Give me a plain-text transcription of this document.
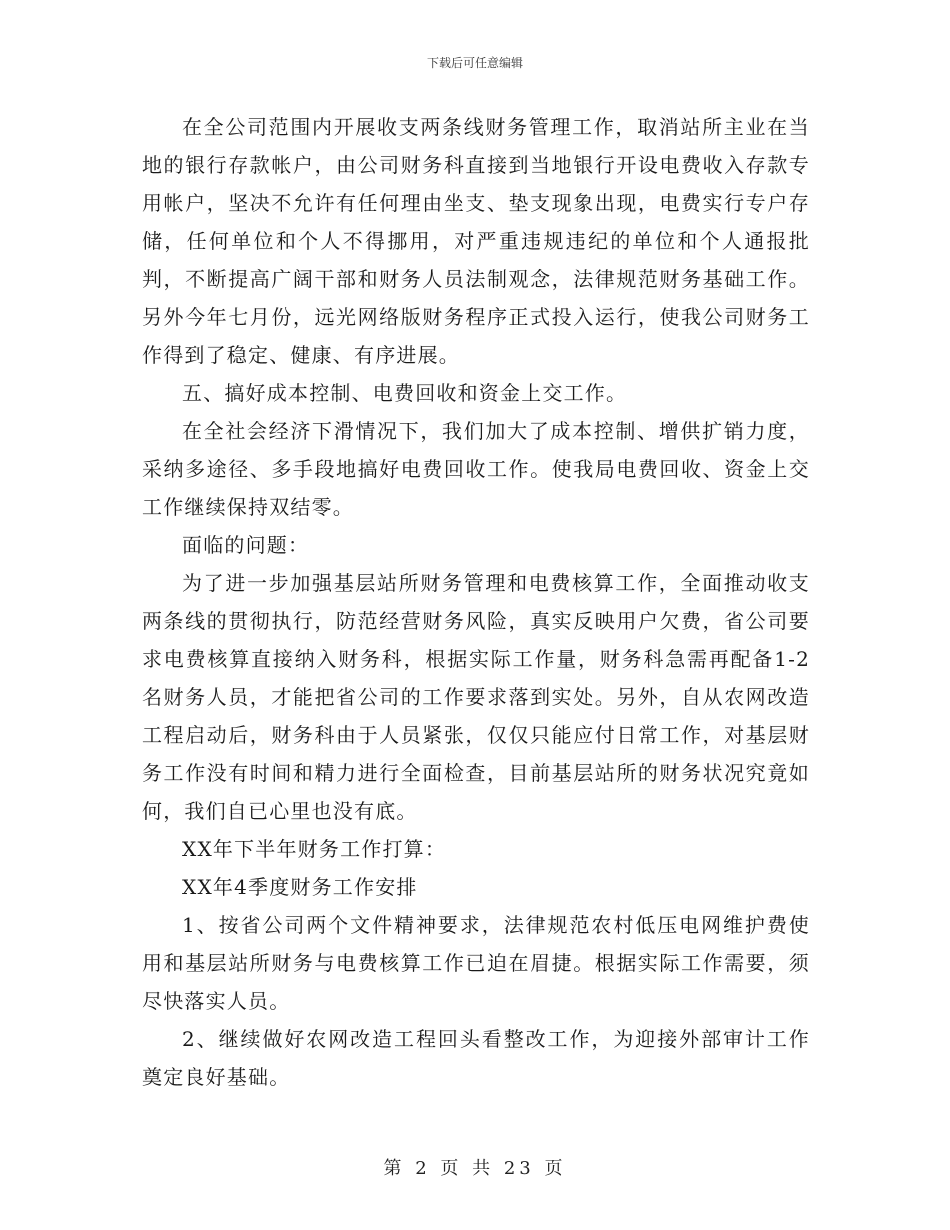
下载后可任意编辑

在全公司范围内开展收支两条线财务管理工作，取消站所主业在当地的银行存款帐户，由公司财务科直接到当地银行开设电费收入存款专用帐户，坚决不允许有任何理由坐支、垫支现象出现，电费实行专户存储，任何单位和个人不得挪用，对严重违规违纪的单位和个人通报批判，不断提高广阔干部和财务人员法制观念，法律规范财务基础工作。另外今年七月份，远光网络版财务程序正式投入运行，使我公司财务工作得到了稳定、健康、有序进展。

五、搞好成本控制、电费回收和资金上交工作。

在全社会经济下滑情况下，我们加大了成本控制、增供扩销力度，采纳多途径、多手段地搞好电费回收工作。使我局电费回收、资金上交工作继续保持双结零。

面临的问题：

为了进一步加强基层站所财务管理和电费核算工作，全面推动收支两条线的贯彻执行，防范经营财务风险，真实反映用户欠费，省公司要求电费核算直接纳入财务科，根据实际工作量，财务科急需再配备1-2名财务人员，才能把省公司的工作要求落到实处。另外，自从农网改造工程启动后，财务科由于人员紧张，仅仅只能应付日常工作，对基层财务工作没有时间和精力进行全面检查，目前基层站所的财务状况究竟如何，我们自已心里也没有底。

XX年下半年财务工作打算：

XX年4季度财务工作安排

1、按省公司两个文件精神要求，法律规范农村低压电网维护费使用和基层站所财务与电费核算工作已迫在眉捷。根据实际工作需要，须尽快落实人员。

2、继续做好农网改造工程回头看整改工作，为迎接外部审计工作奠定良好基础。

第 2 页 共 23 页
